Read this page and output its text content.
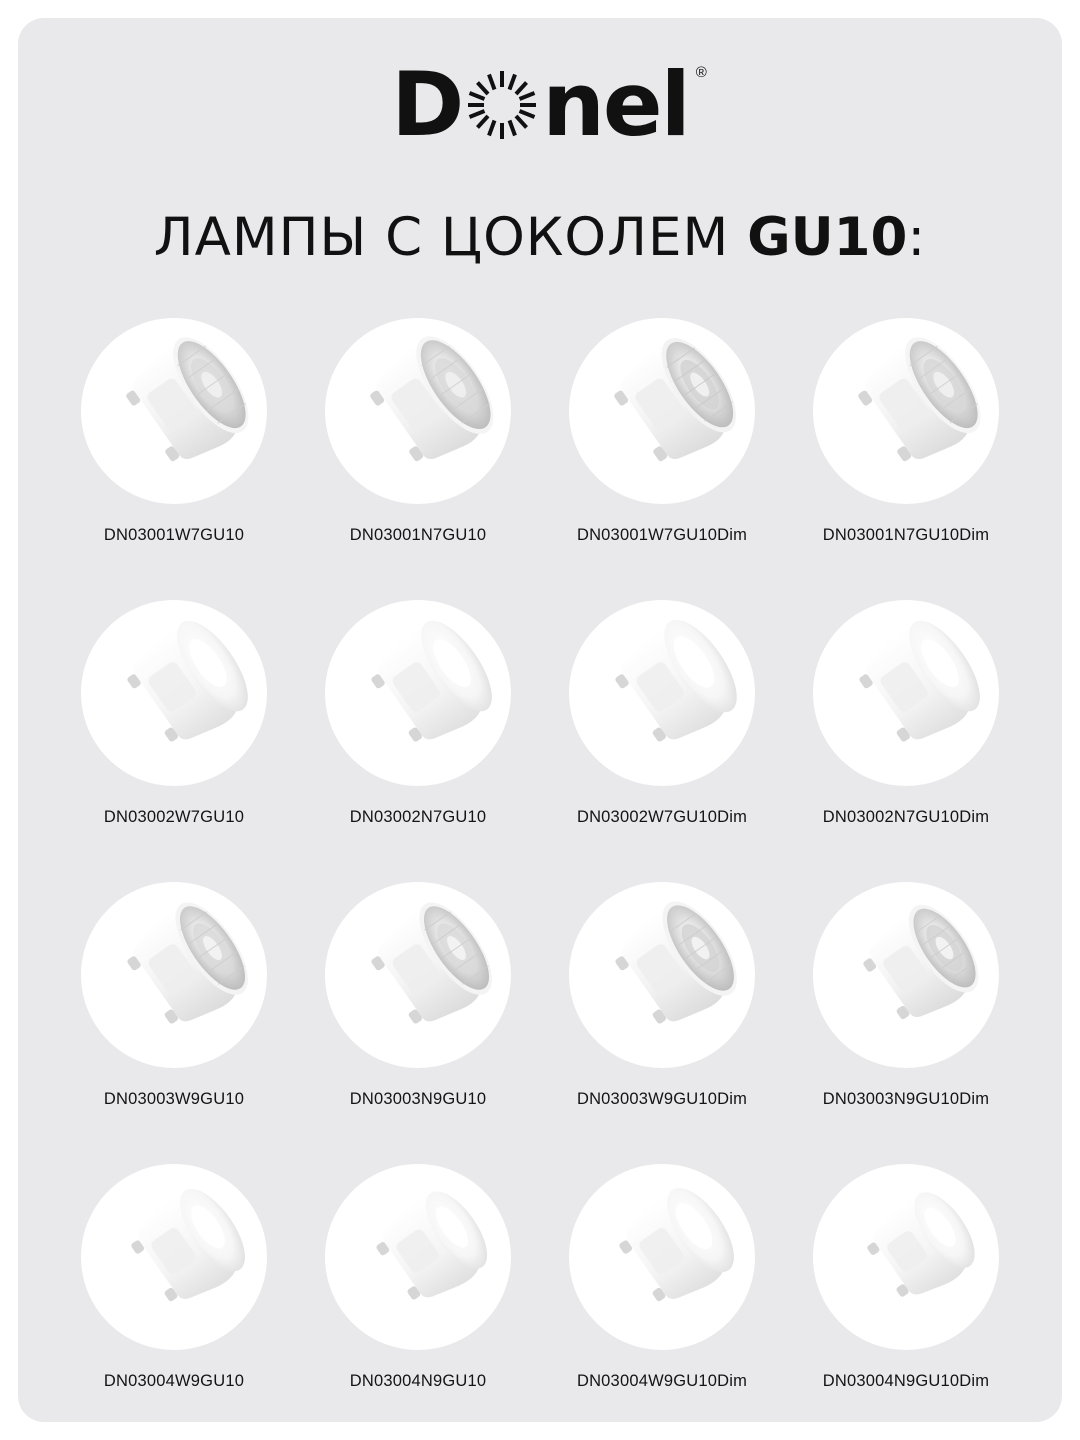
D nel ®
ЛАМПЫ С ЦОКОЛЕМ GU10:
DN03001W7GU10	DN03001N7GU10	DN03001W7GU10Dim	DN03001N7GU10Dim
DN03002W7GU10	DN03002N7GU10	DN03002W7GU10Dim	DN03002N7GU10Dim
DN03003W9GU10	DN03003N9GU10	DN03003W9GU10Dim	DN03003N9GU10Dim
DN03004W9GU10	DN03004N9GU10	DN03004W9GU10Dim	DN03004N9GU10Dim
